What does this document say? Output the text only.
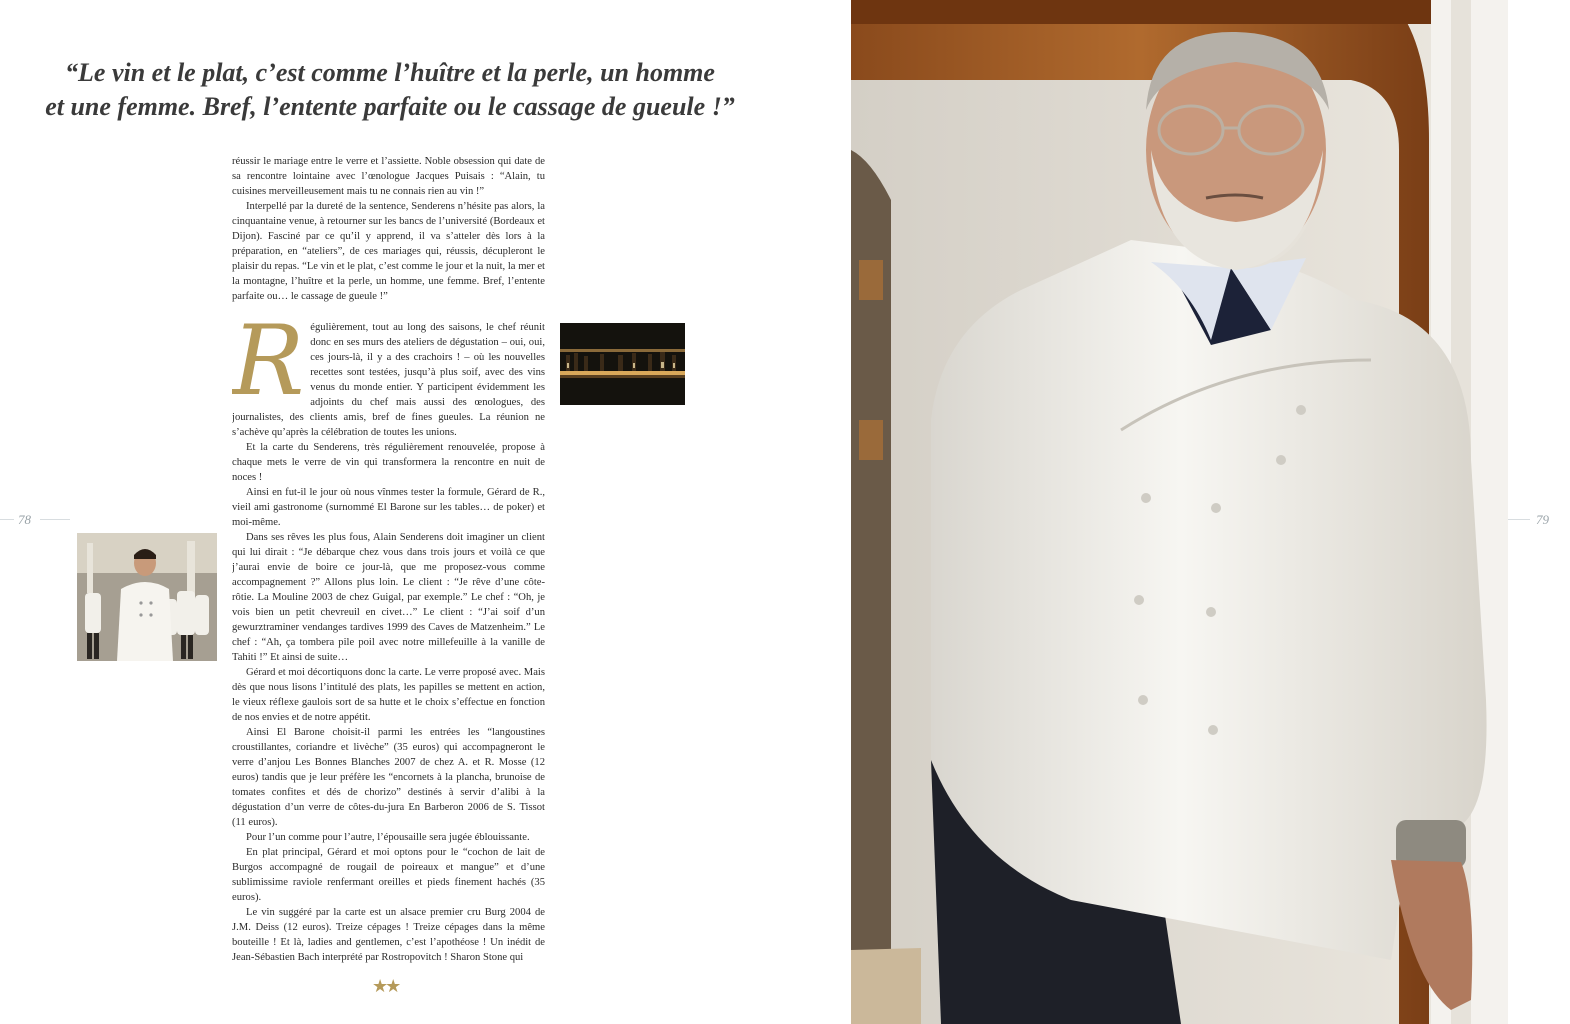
“Le vin et le plat, c’est comme l’huître et la perle, un homme
et une femme. Bref, l’entente parfaite ou le cassage de gueule !”

réussir le mariage entre le verre et l’assiette. Noble obsession qui date de sa rencontre lointaine avec l’œnologue Jacques Puisais : “Alain, tu cuisines merveilleusement mais tu ne connais rien au vin !”

Interpellé par la dureté de la sentence, Senderens n’hésite pas alors, la cinquantaine venue, à retourner sur les bancs de l’université (Bordeaux et Dijon). Fasciné par ce qu’il y apprend, il va s’atteler dès lors à la préparation, en “ateliers”, de ces mariages qui, réussis, décupleront le plaisir du repas. “Le vin et le plat, c’est comme le jour et la nuit, la mer et la montagne, l’huître et la perle, un homme, une femme. Bref, l’entente parfaite ou… le cassage de gueule !”

R égulièrement, tout au long des saisons, le chef réunit donc en ses murs des ateliers de dégustation – oui, oui, ces jours-là, il y a des crachoirs ! – où les nouvelles recettes sont testées, jusqu’à plus soif, avec des vins venus du monde entier. Y participent évidemment les adjoints du chef mais aussi des œnologues, des journalistes, des clients amis, bref de fines gueules. La réunion ne s’achève qu’après la célébration de toutes les unions.

Et la carte du Senderens, très régulièrement renouvelée, propose à chaque mets le verre de vin qui transformera la rencontre en nuit de noces !

Ainsi en fut-il le jour où nous vînmes tester la formule, Gérard de R., vieil ami gastronome (surnommé El Barone sur les tables… de poker) et moi-même.

Dans ses rêves les plus fous, Alain Senderens doit imaginer un client qui lui dirait : “Je débarque chez vous dans trois jours et voilà ce que j’aurai envie de boire ce jour-là, que me proposez-vous comme accompagnement ?” Allons plus loin. Le client : “Je rêve d’une côte-rôtie. La Mouline 2003 de chez Guigal, par exemple.” Le chef : “Oh, je vois bien un petit chevreuil en civet…” Le client : “J’ai soif d’un gewurztraminer vendanges tardives 1999 des Caves de Matzenheim.” Le chef : “Ah, ça tombera pile poil avec notre millefeuille à la vanille de Tahiti !” Et ainsi de suite…

Gérard et moi décortiquons donc la carte. Le verre proposé avec. Mais dès que nous lisons l’intitulé des plats, les papilles se mettent en action, le vieux réflexe gaulois sort de sa hutte et le choix s’effectue en fonction de nos envies et de notre appétit.

Ainsi El Barone choisit-il parmi les entrées les “langoustines croustillantes, coriandre et livèche” (35 euros) qui accompagneront le verre d’anjou Les Bonnes Blanches 2007 de chez A. et R. Mosse (12 euros) tandis que je leur préfère les “encornets à la plancha, brunoise de tomates confites et dés de chorizo” destinés à servir d’alibi à la dégustation d’un verre de côtes-du-jura En Barberon 2006 de S. Tissot (11 euros).

Pour l’un comme pour l’autre, l’épousaille sera jugée éblouissante.

En plat principal, Gérard et moi optons pour le “cochon de lait de Burgos accompagné de rougail de poireaux et mangue” et d’une sublimissime raviole renfermant oreilles et pieds finement hachés (35 euros).

Le vin suggéré par la carte est un alsace premier cru Burg 2004 de J.M. Deiss (12 euros). Treize cépages ! Treize cépages dans la même bouteille ! Et là, ladies and gentlemen, c’est l’apothéose ! Un inédit de Jean-Sébastien Bach interprété par Rostropovitch ! Sharon Stone qui

78
★★
79
